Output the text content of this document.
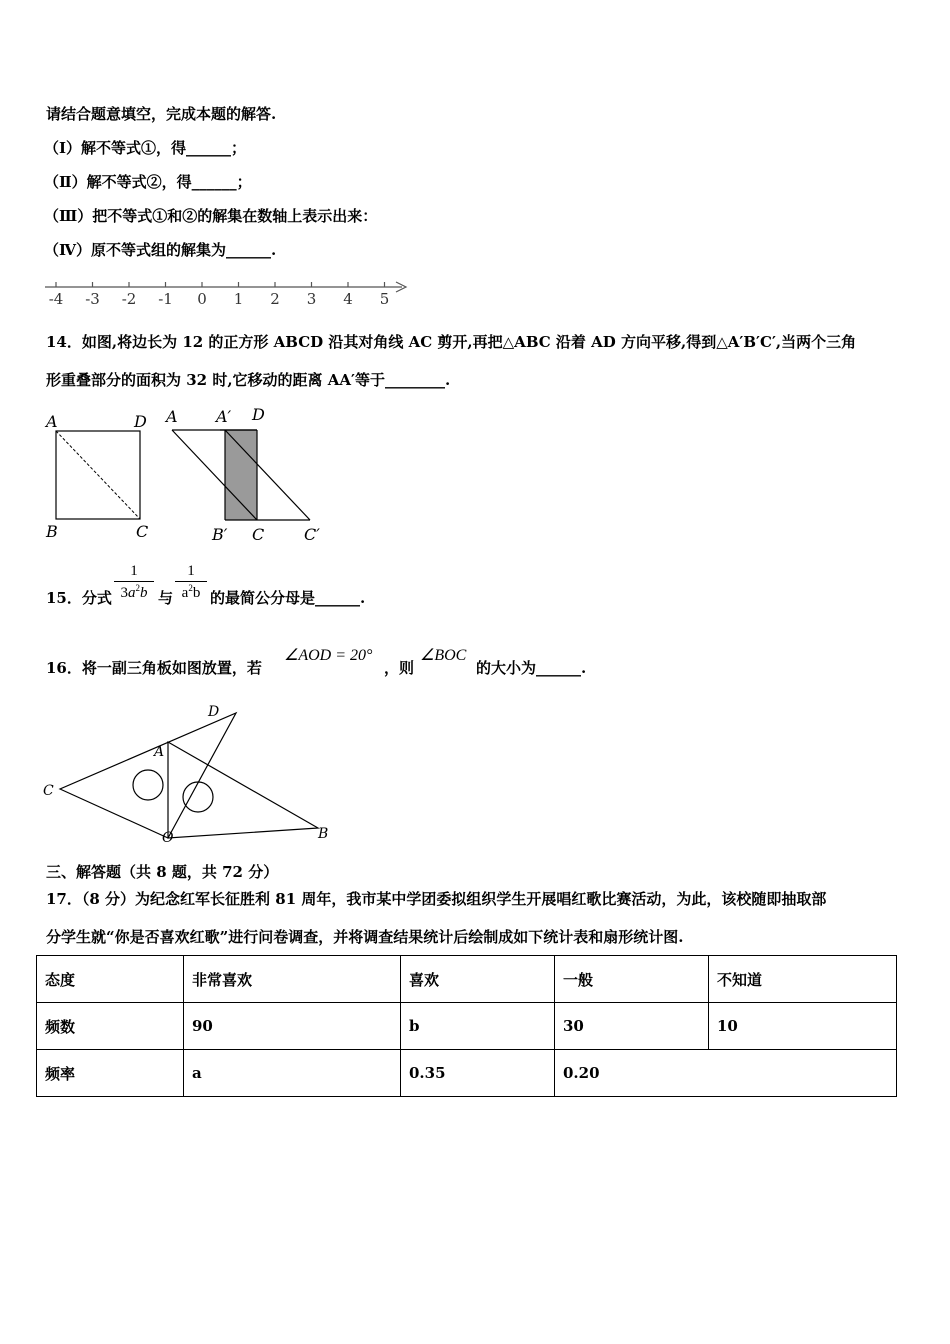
请结合题意填空，完成本题的解答.
（Ⅰ）解不等式①，得______；
（Ⅱ）解不等式②，得______；
（Ⅲ）把不等式①和②的解集在数轴上表示出来：
（Ⅳ）原不等式组的解集为______.
-4 -3 -2 -1 0 1 2 3 4 5
14．如图,将边长为 12 的正方形 ABCD 沿其对角线 AC 剪开,再把△ABC 沿着 AD 方向平移,得到△A′B′C′,当两个三角
形重叠部分的面积为 32 时,它移动的距离 AA′等于________.
A	D
B	C
A A′ D
B′ C C′
15．分式
1
$3a^2b$ 与
1
$a^2b$ 的最简公分母是______.
16．将一副三角板如图放置，若
∠AOD = 20°
，则
∠BOC
的大小为______.
D
A
C
O	B
三、解答题（共 8 题，共 72 分）
17．（8 分）为纪念红军长征胜利 81 周年，我市某中学团委拟组织学生开展唱红歌比赛活动，为此，该校随即抽取部
分学生就“你是否喜欢红歌”进行问卷调查，并将调查结果统计后绘制成如下统计表和扇形统计图.
态度	非常喜欢	喜欢	一般	不知道
频数	90	b	30	10
频率	a	0.35	0.20	
